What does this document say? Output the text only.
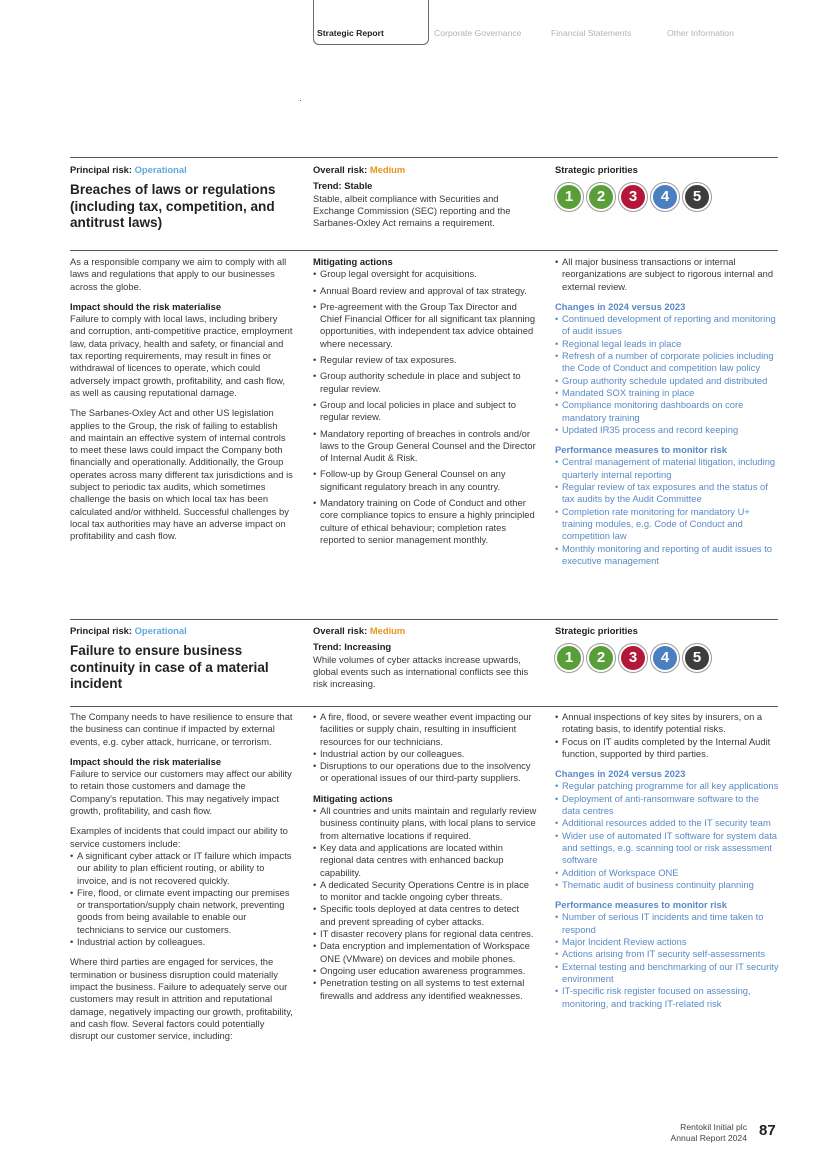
Strategic Report	Corporate Governance	Financial Statements	Other Information
Principal risk: Operational
Breaches of laws or regulations (including tax, competition, and antitrust laws)
Overall risk: Medium
Trend: Stable
Stable, albeit compliance with Securities and Exchange Commission (SEC) reporting and the Sarbanes-Oxley Act remains a requirement.
Strategic priorities
1	2	3	4	5

As a responsible company we aim to comply with all laws and regulations that apply to our businesses across the globe.

Impact should the risk materialise

Failure to comply with local laws, including bribery and corruption, anti-competitive practice, employment law, data privacy, health and safety, or financial and tax reporting requirements, may result in fines or withdrawal of licences to operate, which could adversely impact growth, profitability, and cash flow, as well as causing reputational damage.

The Sarbanes-Oxley Act and other US legislation applies to the Group, the risk of failing to establish and maintain an effective system of internal controls to meet these laws could impact the Company both financially and operationally. Additionally, the Group operates across many different tax jurisdictions and is subject to periodic tax audits, which sometimes challenge the basis on which local tax has been calculated and/or withheld. Successful challenges by local tax authorities may have an adverse impact on profitability and cash flow.

Mitigating actions
• Group legal oversight for acquisitions.
• Annual Board review and approval of tax strategy.
• Pre-agreement with the Group Tax Director and Chief Financial Officer for all significant tax planning opportunities, with independent tax advice obtained where necessary.
• Regular review of tax exposures.
• Group authority schedule in place and subject to regular review.
• Group and local policies in place and subject to regular review.
• Mandatory reporting of breaches in controls and/or laws to the Group General Counsel and the Director of Internal Audit & Risk.
• Follow-up by Group General Counsel on any significant regulatory breach in any country.
• Mandatory training on Code of Conduct and other core compliance topics to ensure a highly principled culture of ethical behaviour; completion rates reported to senior management monthly.
• All major business transactions or internal reorganizations are subject to rigorous internal and external review.
Changes in 2024 versus 2023
• Continued development of reporting and monitoring of audit issues
• Regional legal leads in place
• Refresh of a number of corporate policies including the Code of Conduct and competition law policy
• Group authority schedule updated and distributed
• Mandated SOX training in place
• Compliance monitoring dashboards on core mandatory training
• Updated IR35 process and record keeping
Performance measures to monitor risk
• Central management of material litigation, including quarterly internal reporting
• Regular review of tax exposures and the status of tax audits by the Audit Committee
• Completion rate monitoring for mandatory U+ training modules, e.g. Code of Conduct and competition law
• Monthly monitoring and reporting of audit issues to executive management
Principal risk: Operational
Failure to ensure business continuity in case of a material incident
Overall risk: Medium
Trend: Increasing
While volumes of cyber attacks increase upwards, global events such as international conflicts see this risk increasing.
Strategic priorities
1	2	3	4	5

The Company needs to have resilience to ensure that the business can continue if impacted by external events, e.g. cyber attack, hurricane, or terrorism.

Impact should the risk materialise

Failure to service our customers may affect our ability to retain those customers and damage the Company's reputation. This may negatively impact growth, profitability, and cash flow.

Examples of incidents that could impact our ability to service customers include:
• A significant cyber attack or IT failure which impacts our ability to plan efficient routing, or ability to invoice, and is not recovered quickly.
• Fire, flood, or climate event impacting our premises or transportation/supply chain network, preventing goods from being available to enable our technicians to service our customers.
• Industrial action by colleagues.

Where third parties are engaged for services, the termination or business disruption could materially impact the business. Failure to adequately serve our customers may result in attrition and reputational damage, negatively impacting our growth, profitability, and cash flow. Several factors could potentially disrupt our customer service, including:

• A fire, flood, or severe weather event impacting our facilities or supply chain, resulting in insufficient resources for our technicians.
• Industrial action by our colleagues.
• Disruptions to our operations due to the insolvency or operational issues of our third-party suppliers.
Mitigating actions
• All countries and units maintain and regularly review business continuity plans, with local plans to service from alternative locations if required.
• Key data and applications are located within regional data centres with enhanced backup capability.
• A dedicated Security Operations Centre is in place to monitor and tackle ongoing cyber threats.
• Specific tools deployed at data centres to detect and prevent spreading of cyber attacks.
• IT disaster recovery plans for regional data centres.
• Data encryption and implementation of Workspace ONE (VMware) on devices and mobile phones.
• Ongoing user education awareness programmes.
• Penetration testing on all systems to test external firewalls and address any identified weaknesses.
• Annual inspections of key sites by insurers, on a rotating basis, to identify potential risks.
• Focus on IT audits completed by the Internal Audit function, supported by third parties.
Changes in 2024 versus 2023
• Regular patching programme for all key applications
• Deployment of anti-ransomware software to the data centres
• Additional resources added to the IT security team
• Wider use of automated IT software for system data and settings, e.g. scanning tool or risk assessment software
• Addition of Workspace ONE
• Thematic audit of business continuity planning
Performance measures to monitor risk
• Number of serious IT incidents and time taken to respond
• Major Incident Review actions
• Actions arising from IT security self-assessments
• External testing and benchmarking of our IT security environment
• IT-specific risk register focused on assessing, monitoring, and tracking IT-related risk
Rentokil Initial plc
Annual Report 2024 87
